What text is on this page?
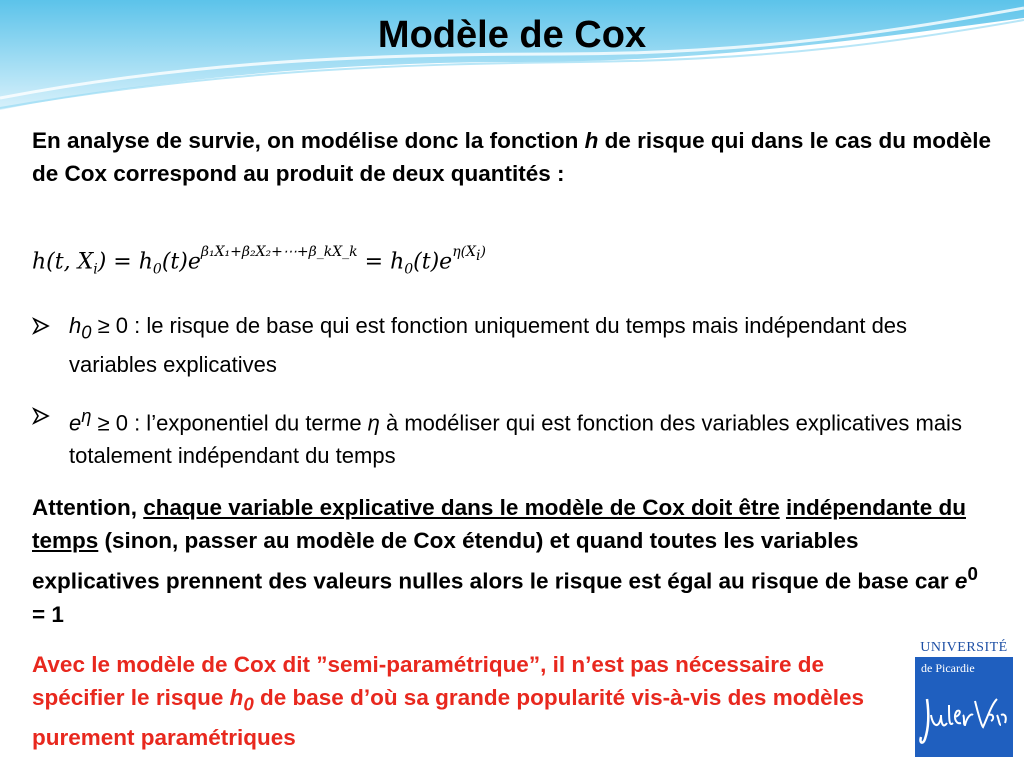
Modèle de Cox
En analyse de survie, on modélise donc la fonction h de risque qui dans le cas du modèle de Cox correspond au produit de deux quantités :
h(t, $X_i) = h_0(t)e^{\beta_1X_1+\beta_2X_2+\cdots+\beta\_kX\_k} = h_0(t)e^{\eta(X_i)}$
$h_0 \ge 0$ : le risque de base qui est fonction uniquement du temps mais indépendant des variables explicatives
$e^\eta \ge 0$ : l’exponentiel du terme η à modéliser qui est fonction des variables explicatives mais totalement indépendant du temps
Attention, chaque variable explicative dans le modèle de Cox doit être indépendante du temps (sinon, passer au modèle de Cox étendu) et quand toutes les variables explicatives prennent des valeurs nulles alors le risque est égal au risque de base car $e^0 = 1$
Avec le modèle de Cox dit ”semi-paramétrique”, il n’est pas nécessaire de spécifier le risque $h_0$ de base d’où sa grande popularité vis-à-vis des modèles purement paramétriques
UNIVERSITÉ
de Picardie
